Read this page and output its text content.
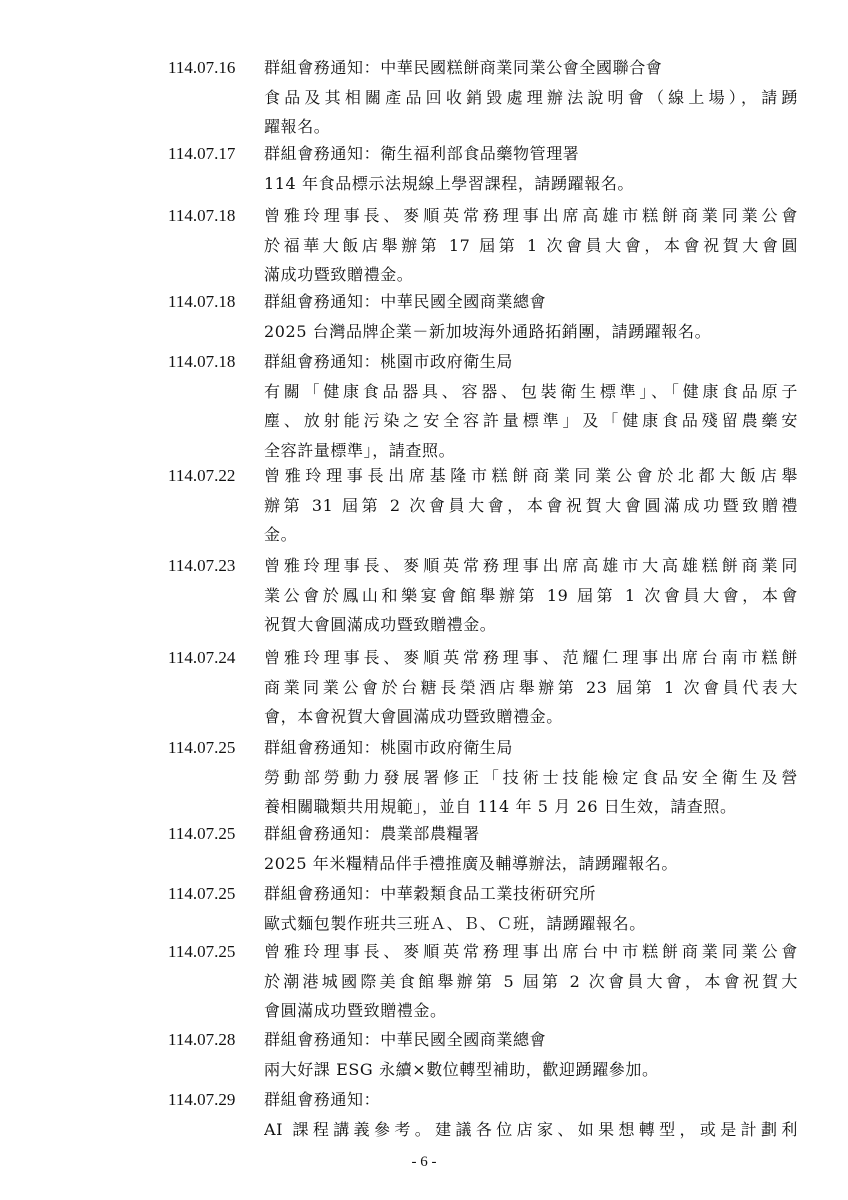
114.07.16 群組會務通知：中華民國糕餅商業同業公會全國聯合會
食品及其相關產品回收銷毀處理辦法說明會（線上場），請踴
躍報名。
114.07.17 群組會務通知：衛生福利部食品藥物管理署
114 年食品標示法規線上學習課程，請踴躍報名。
114.07.18 曾雅玲理事長、麥順英常務理事出席高雄市糕餅商業同業公會
於福華大飯店舉辦第 17 屆第 1 次會員大會，本會祝賀大會圓
滿成功暨致贈禮金。
114.07.18 群組會務通知：中華民國全國商業總會
2025 台灣品牌企業－新加坡海外通路拓銷團，請踴躍報名。
114.07.18 群組會務通知：桃園市政府衛生局
有關「健康食品器具、容器、包裝衛生標準」、「健康食品原子
塵、放射能污染之安全容許量標準」及「健康食品殘留農藥安
全容許量標準」，請查照。
114.07.22 曾雅玲理事長出席基隆市糕餅商業同業公會於北都大飯店舉
辦第 31 屆第 2 次會員大會，本會祝賀大會圓滿成功暨致贈禮
金。
114.07.23 曾雅玲理事長、麥順英常務理事出席高雄市大高雄糕餅商業同
業公會於鳳山和樂宴會館舉辦第 19 屆第 1 次會員大會，本會
祝賀大會圓滿成功暨致贈禮金。
114.07.24 曾雅玲理事長、麥順英常務理事、范耀仁理事出席台南市糕餅
商業同業公會於台糖長榮酒店舉辦第 23 屆第 1 次會員代表大
會，本會祝賀大會圓滿成功暨致贈禮金。
114.07.25 群組會務通知：桃園市政府衛生局
勞動部勞動力發展署修正「技術士技能檢定食品安全衛生及營
養相關職類共用規範」，並自 114 年 5 月 26 日生效，請查照。
114.07.25 群組會務通知：農業部農糧署
2025 年米糧精品伴手禮推廣及輔導辦法，請踴躍報名。
114.07.25 群組會務通知：中華穀類食品工業技術研究所
歐式麵包製作班共三班Ａ、Ｂ、Ｃ班，請踴躍報名。
114.07.25 曾雅玲理事長、麥順英常務理事出席台中市糕餅商業同業公會
於潮港城國際美食館舉辦第 5 屆第 2 次會員大會，本會祝賀大
會圓滿成功暨致贈禮金。
114.07.28 群組會務通知：中華民國全國商業總會
兩大好課 ESG 永續×數位轉型補助，歡迎踴躍參加。
114.07.29 群組會務通知：
AI 課程講義參考。建議各位店家、如果想轉型，或是計劃利
- 6 -
